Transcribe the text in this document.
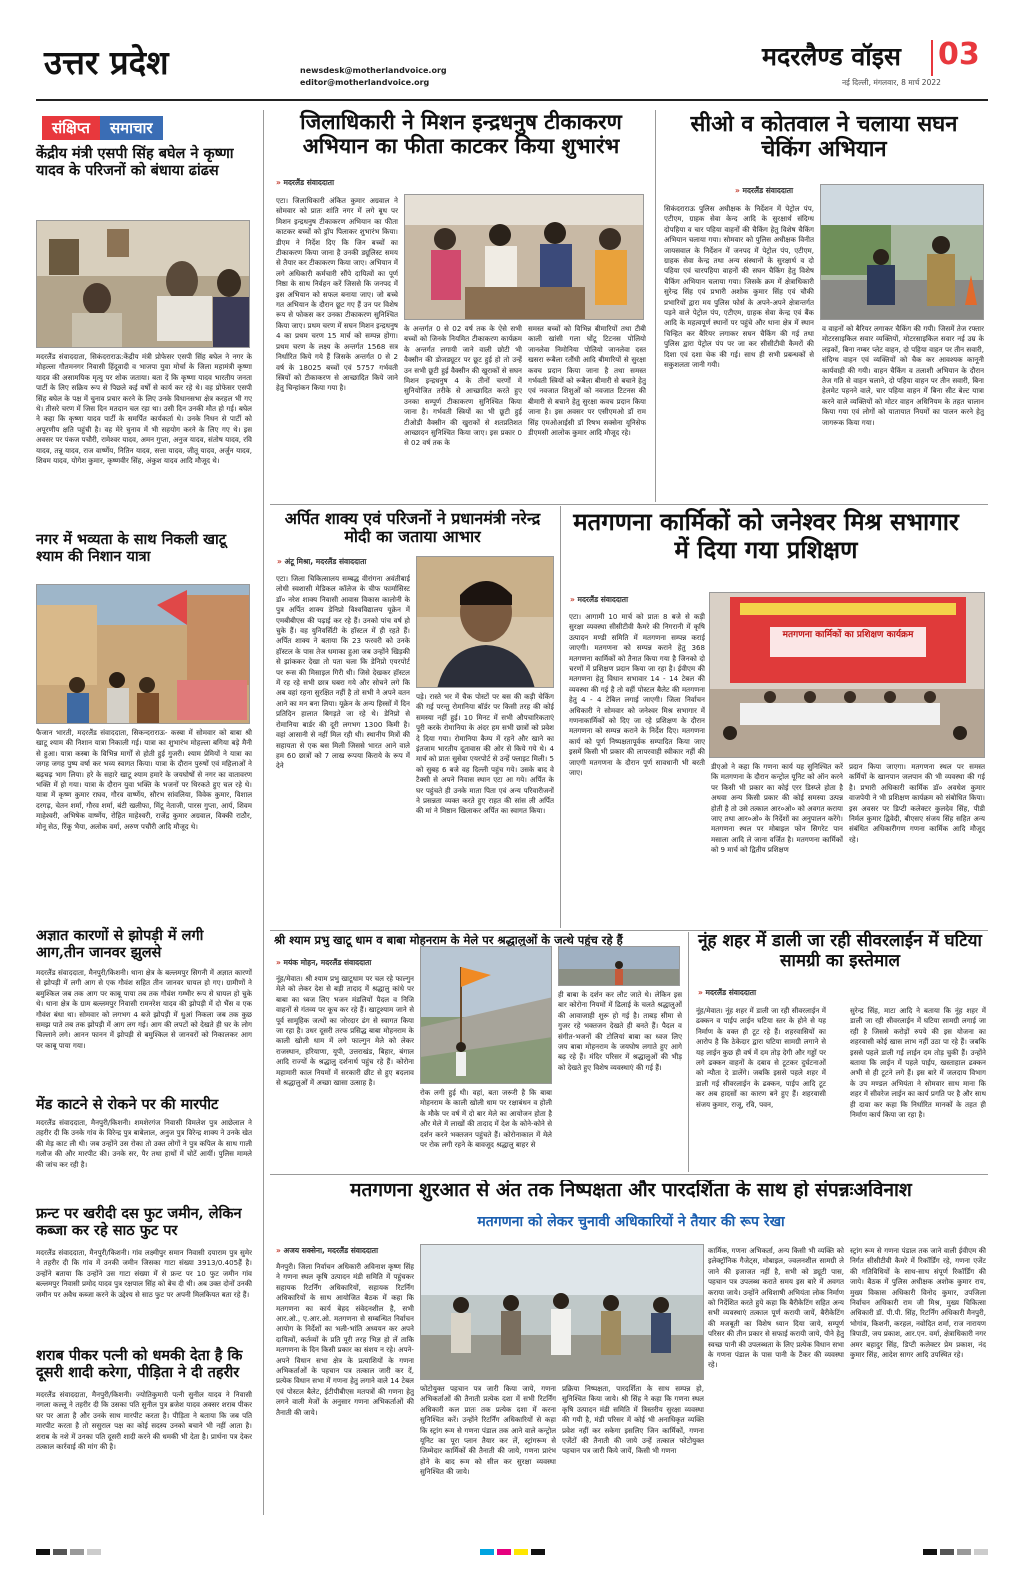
उत्तर प्रदेश	newsdesk@motherlandvoice.org
editor@motherlandvoice.org
मदरलैण्ड वॉइस 03
नई दिल्ली, मंगलवार, 8 मार्च 2022
संक्षिप्त	समाचार
केंद्रीय मंत्री एसपी सिंह बघेल ने कृष्णा यादव के परिजनों को बंधाया ढांढस
मदरलैंड संवाददाता, सिकंदराराऊ:केंद्रीय मंत्री प्रोफेसर एसपी सिंह बघेल ने नगर के मोहल्ला गौतमनगर निवासी हिंदूवादी व भाजपा युवा मोर्चा के जिला महामंत्री कृष्णा यादव की असामयिक मृत्यु पर शोक जताया। बता दें कि कृष्णा यादव भारतीय जनता पार्टी के लिए सक्रिय रूप से पिछले कई वर्षों से कार्य कर रहे थे। वह प्रोफेसर एसपी सिंह बघेल के पक्ष में चुनाव प्रचार करने के लिए उनके विधानसभा क्षेत्र करहल भी गए थे। तीसरे चरण में जिस दिन मतदान चल रहा था। उसी दिन उनकी मौत हो गई। बघेल ने कहा कि कृष्णा यादव पार्टी के समर्पित कार्यकर्ता थे। उनके निधन से पार्टी को अपूरणीय क्षति पहुंची है। वह मेरे चुनाव में भी सहयोग करने के लिए गए थे। इस अवसर पर पंकज पचौरी, रामेश्वर यादव, अमन गुप्ता, अनुज यादव, संतोष यादव, रवि यादव, तन्नू यादव, राज वार्ष्णेय, नितिन यादव, सत्ता यादव, जीतू यादव, अर्जुन यादव, शिवम यादव, योगेश कुमार, कृष्णवीर सिंह, अंकुश यादव आदि मौजूद थे।
नगर में भव्यता के साथ निकली खाटू श्याम की निशान यात्रा
फैजान भारती, मदरलैंड संवाददाता, सिकन्दराराऊ- कस्बा में सोमवार को बाबा श्री खाटू श्याम की निशान यात्रा निकाली गई। यात्रा का शुभारंभ मोहल्ला बगिया बड़े मैनी से हुआ। यात्रा कस्बा के विभिन्न मार्गों से होती हुई गुजरी। श्याम प्रेमियों ने यात्रा का जगह जगह पुष्प वर्षा कर भव्य स्वागत किया। यात्रा के दौरान पुरुषों एवं महिलाओं ने बढ़चढ़ भाग लिया। हरे के सहारे खाटू श्याम हमारे के जयघोषों से नगर का वातावरण भक्ति में हो गया। यात्रा के दौरान युवा भक्ति के भजनों पर थिरकते हुए चल रहे थे। यात्रा में कृष्ण कुमार राघव, गौरव वार्ष्णेय, सौरभ सांवलिया, विवेक कुमार, विशाल दरगढ़, चेतन शर्मा, गौरव शर्मा, बंटी खलीफा, मिंटू नेताजी, पारस गुप्ता, आर्य, शिवम माहेश्वरी, अभिषेक वार्ष्णेय, रोहित माहेश्वरी, राजेंद्र कुमार अग्रवाल, विक्की राठौर, मोनू सेठ, रिंकू भैया, अलोक वर्मा, अरुण पचौरी आदि मौजूद थे।
अज्ञात कारणों से झोपड़ी में लगी आग,तीन जानवर झुलसे
मदरलैंड संवाददाता, मैनपुरी/किशनी। थाना क्षेत्र के बल्लमपुर सिगनी में अज्ञात कारणों से झोपड़ी में लगी आग से एक गौवंश सहित तीन जानवर घायल हो गए। ग्रामीणों ने बमुश्किल जब तक आग पर काबू पाया तब तक गौवंश गम्भीर रूप से घायल हो चुके थे। थाना क्षेत्र के ग्राम बल्लमपुर निवासी रामनरेश यादव की झोपड़ी में दो भैंस व एक गौवंश बंधा था। सोमवार को लगभग 4 बजे झोपड़ी में धुआं निकला जब तक कुछ समझ पाते तब तक झोपड़ी में आग लग गई। आग की लपटों को देखते ही घर के लोग चिल्लाने लगे। आनन फानन में झोपड़ी से बमुश्किल से जानवरों को निकालकर आग पर काबू पाया गया।
मेंड काटने से रोकने पर की मारपीट
मदरलैंड संवाददाता, मैनपुरी/किशनी। शमशेरगंज निवासी विमलेश पुत्र आछेलाल ने तहरीर दी कि उनके गांव के विरेन्द्र पुत्र बाबेलाल, अनुज पुत्र विरेन्द्र शाक्य ने उनके खेत की मेड़ काट ली थी। जब उन्होंने उस रोका तो उक्त लोगों ने पुत्र कपिल के साथ गाली गलौज की और मारपीट की। उनके सर, पैर तथा हाथों में चोटें आयीं। पुलिस मामले की जांच कर रही है।
फ्रन्ट पर खरीदी दस फुट जमीन, लेकिन कब्जा कर रहे साठ फुट पर
मदरलैंड संवाददाता, मैनपुरी/किशनी। गांव लक्ष्मीपुर समान निवासी दयाराम पुत्र सुमेर ने तहरीर दी कि गांव में उनकी जमीन जिसका गाटा संख्या 3913/0.405हैं है। उन्होंने बताया कि उन्होंने उस गाटा संख्या में से फ्रन्ट पर 10 फुट जमीन गांव बल्लमपुर निवासी प्रमोद यादव पुत्र रक्षपाल सिंह को बेच दी थी। अब उक्त दोनों उनकी जमीन पर अवैध कब्जा करने के उद्देश्य से साठ फुट पर अपनी मिलकियत बता रहे हैं।
शराब पीकर पत्नी को धमकी देता है कि दूसरी शादी करेगा, पीड़िता ने दी तहरीर
मदरलैंड संवाददाता, मैनपुरी/किशनी। ज्योतिकुमारी पत्नी सुनील यादव ने निवासी नगला कल्लू ने तहरीर दी कि उसका पति सुनील पुत्र ब्रजेश यादव अक्सर शराब पीकर घर पर आता है और उनके साथ मारपीट करता है। पीड़िता ने बताया कि जब पति मारपीट करता है तो ससुराल पक्ष का कोई सदस्य उनको बचाने भी नहीं आता है। शराब के नशे में उनका पति दूसरी शादी करने की धमकी भी देता है। प्रार्थना पत्र देकर तत्काल कार्रवाई की मांग की है।
जिलाधिकारी ने मिशन इन्द्रधनुष टीकाकरण अभियान का फीता काटकर किया शुभारंभ
» मदरलैंड संवाददाता
एटा। जिलाधिकारी अंकित कुमार अग्रवाल ने सोमवार को प्रातः शांति नगर में लगे बूथ पर मिशन इन्द्रधनुष टीकाकरण अभियान का फीता काटकर बच्चों को ड्रॉप पिलाकर शुभारंभ किया। डीएम ने निर्देश दिए कि जिन बच्चों का टीकाकरण किया जाना है उनकी ड्यूलिस्ट समय से तैयार कर टीकाकरण किया जाए। अभियान में लगे अधिकारी कर्मचारी सौंपे दायित्वों का पूर्ण निष्ठा के साथ निर्वहन करें जिससे कि जनपद में इस अभियान को सफल बनाया जाए। जो बच्चे गत अभियान के दौरान छूट गए हैं उन पर विशेष रूप से फोकस कर उनका टीकाकरण सुनिश्चित किया जाए। प्रथम चरण में सघन मिशन इन्द्रधनुष 4 का प्रथम चरण 15 मार्च को सम्पन्न होगा। प्रथम चरण के लक्ष्य के अन्तर्गत 1568 सत्र निर्धारित किये गये हैं जिसके अन्तर्गत 0 से 2 वर्ष के 18025 बच्चों एवं 5757 गर्भवती स्त्रियों को टीकाकरण से आच्छादित किये जाने हेतु चिन्हांकन किया गया है।
के अन्तर्गत 0 से 02 वर्ष तक के ऐसे सभी बच्चों को जिनके नियमित टीकाकरण कार्यक्रम के अन्तर्गत लगायी जाने वाली छोटी भी वैक्सीन की डोजड्यूटर पर छूट हुई हो तो उन्हें उन सभी छूटी हुई वैक्सीन की खुराकों से सघन मिशन इन्द्रधनुष 4 के तीनों चरणों में सुनियोजित तरीके से आच्छादित करते हुए उनका सम्पूर्ण टीकाकरण सुनिश्चित किया जाना है। गर्भवती स्त्रियों का भी छूटी हुई टीओडी वैक्सीन की खुराकों से शतप्रतिशत आच्छादन सुनिश्चित किया जाए। इस प्रकार 0 से 02 वर्ष तक के
समस्त बच्चों को विभिन्न बीमारियों तथा टीबी काली खांसी गला घोंटू टिटनस पोलियो जानलेवा निमोनिया पोलियो जानलेवा दस्त खसरा रूबैला रतौंधी आदि बीमारियों से सुरक्षा कवच प्रदान किया जाना है तथा समस्त गर्भवती स्त्रियों को रूबैला बीमारी से बचाने हेतु एवं नवजात शिशुओं को नवजात टिटनस की बीमारी से बचाने हेतु सुरक्षा कवच प्रदान किया जाना है। इस अवसर पर एसीएमओ डॉ राम सिंह एमओआईसी डॉ रिषभ सक्सेना यूनिसेफ डीएमसी आलोक कुमार आदि मौजूद रहे।
सीओ व कोतवाल ने चलाया सघन चेकिंग अभियान
» मदरलैंड संवाददाता
सिकंदराराऊ पुलिस अधीक्षक के निर्देशन में पेट्रोल पंप, एटीएम, ग्राहक सेवा केन्द आदि के सुरक्षार्थ संदिग्ध दोपहिया व चार पहिया वाहनों की चैकिंग हेतु विशेष चैकिंग अभियान चलाया गया। सोमवार को पुलिस अधीक्षक विनीत जायसवाल के निर्देशन में जनपद में पेट्रोल पंप, एटीएम, ग्राहक सेवा केन्द्र तथा अन्य संस्थानों के सुरक्षार्थ व दो पहिया एवं चारपहिया वाहनों की सघन चैकिंग हेतु विशेष चैकिंग अभियान चलाया गया। जिसके क्रम में क्षेत्राधिकारी सुरेन्द्र सिंह एवं प्रभारी अशोक कुमार सिंह एवं चौकी प्रभारियों द्वारा मय पुलिस फोर्स के अपने-अपने क्षेत्रान्तर्गत पड़ने वाले पेट्रोल पंप, एटीएम, ग्राहक सेवा केन्द्र एवं बैंक आदि के महत्वपूर्ण स्थानों पर पहुंचे और थाना क्षेत्र में स्थान चिन्हित कर बैरियर लगाकर सघन चैकिंग की गई तथा पुलिस द्वारा पेट्रोल पंप पर जा कर सीसीटीवी कैमरों की दिशा एवं दशा चेक की गई। साथ ही सभी प्रबन्धकों से सकुशलता जानी गयी।
व वाहनों को बैरियर लगाकर चैकिंग की गयी। जिसमें तेज रफ्तार मोटरसाइकिल सवार व्यक्तियों, मोटरसाइकिल सवार नई उम्र के लड़कों, बिना नम्बर प्लेट वाहन, दो पहिया वाहन पर तीन सवारी, संदिग्ध वाहन एवं व्यक्तियों को चैक कर आवश्यक कानूनी कार्यवाही की गयी। वाहन चैकिंग व तलाशी अभियान के दौरान तेज गति से वाहन चलाने, दो पहिया वाहन पर तीन सवारी, बिना हेलमेट पहनने वाले, चार पहिया वाहन में बिना सीट बेल्ट यात्रा करने वाले व्यक्तियों को मोटर वाहन अधिनियम के तहत चालान किया गया एवं लोगों को यातायात नियमों का पालन करने हेतु जागरूक किया गया।
अर्पित शाक्य एवं परिजनों ने प्रधानमंत्री नरेन्द्र मोदी का जताया आभार
» अंटू मिश्रा, मदरलैंड संवाददाता
एटा। जिला चिकित्सालय सम्बद्ध वीरांगना अवंतीबाई लोधी स्वशासी मेडिकल कॉलेज के चीफ फार्मासिस्ट डॉ० नरेश शाक्य निवासी आवास विकास कालोनी के पुत्र अर्पित शाक्य डेनिप्रो विश्वविद्यालय यूक्रेन में एमबीबीएस की पढ़ाई कर रहे हैं। उनको पांच वर्ष हो चुके हैं। वह युनिवर्सिटी के हॉस्टल में ही रहते हैं। अर्पित शाक्य ने बताया कि 23 फरवरी को उनके हॉस्टल के पास तेज धमाका हुआ जब उन्होंने खिड़की से झांककर देखा तो पता चला कि डेनिप्रो एयरपोर्ट पर रूस की मिसाइल गिरी थी। जिसे देखकर हॉस्टल में रह रहे सभी छात्र घबरा गये और सोचने लगे कि अब वहां रहना सुरक्षित नहीं है तो सभी ने अपने वतन आने का मन बना लिया। यूक्रेन के अन्य हिस्सों में दिन प्रतिदिन हालात बिगड़ते जा रहे थे। डेनिप्रो से रोमानिया बार्डर की दूरी लगभग 1300 किमी है। वहां आसानी से नहीं मिल रही थी। स्थानीय मित्रों की सहायता से एक बस मिली जिससे भारत आने वाले हम 60 छात्रों को 7 लाख रूपया किराये के रूप में देने
पड़े। रास्ते भर में चैक पोस्टों पर बस की कड़ी चेकिंग की गई परन्तु रोमानिया बॉर्डर पर किसी तरह की कोई समस्या नहीं हुई। 10 मिनट में सभी औपचारिकताएं पूरी करके रोमानिया के अंदर हम सभी छात्रों को प्रवेश दे दिया गया। रोमानिया कैम्प में रहने और खाने का इंतजाम भारतीय दूतावास की ओर से किये गये थे। 4 मार्च को प्रातः सुसेवा एयरपोर्ट से उन्हें फ्लाइट मिली। 5 को सुबह 6 बजे वह दिल्ली पहुंच गये। उसके बाद वे टैक्सी से अपने निवास स्थान एटा आ गये। अर्पित के घर पहुंचते ही उनके माता पिता एवं अन्य परिवारीजनों ने प्रसन्नता व्यक्त करते हुए राहत की सांस ली अर्पित की मां ने मिष्ठान खिलाकर अर्पित का स्वागत किया।
मतगणना कार्मिकों को जनेश्वर मिश्र सभागार में दिया गया प्रशिक्षण
» मदरलैंड संवाददाता
एटा। आगामी 10 मार्च को प्रातः 8 बजे से कड़ी सुरक्षा व्यवस्था सीसीटीवी कैमरे की निगरानी में कृषि उत्पादन मण्डी समिति में मतगणना सम्पन्न कराई जाएगी। मतगणना को सम्पन्न कराने हेतु 368 मतगणना कार्मिकों को तैनात किया गया है जिनको दो चरणों में प्रशिक्षण प्रदान किया जा रहा है। ईवीएम की मतगणना हेतु विधान सभावार 14 - 14 टेबल की व्यवस्था की गई है तो वहीं पोस्टल बैलेट की मतगणना हेतु 4 - 4 टेबिल लगाई जाएगी। जिला निर्वाचन अधिकारी ने सोमवार को जनेश्वर मिश्र सभागार में गणनाकार्मिकों को दिए जा रहे प्रशिक्षण के दौरान मतगणना को सम्पन्न कराने के निर्देश दिए। मतगणना कार्य को पूर्ण निष्पक्षतापूर्वक सम्पादित किया जाए इसमें किसी भी प्रकार की लापरवाही स्वीकार नहीं की जाएगी मतगणना के दौरान पूर्ण सावधानी भी बरती जाए।
मतगणना कार्मिकों का प्रशिक्षण कार्यक्रम
डीएओ ने कहा कि गणना कार्य यह सुनिश्चित करें कि मतगणना के दौरान कन्ट्रोल यूनिट को ऑन करने पर किसी भी प्रकार का कोई एरर डिस्प्ले होता है अथवा अन्य किसी प्रकार की कोई समस्या उत्पन्न होती है तो उसे तत्काल आर०ओ० को अवगत कराया जाए तथा आर०ओ० के निर्देशों का अनुपालन करेंगे। मतगणना स्थल पर मोबाइल फोन सिगरेट पान मसाला आदि ले जाना वर्जित है। मतगणना कार्मिकों को 9 मार्च को द्वितीय प्रशिक्षण
प्रदान किया जाएगा। मतगणना स्थल पर समस्त कर्मियों के खानपान जलपान की भी व्यवस्था की गई है। प्रभारी अधिकारी कार्मिक डॉ० अवधेश कुमार वाजपेयी ने भी प्रशिक्षण कार्यक्रम को संबोधित किया। इस अवसर पर डिप्टी कलेक्टर कुलदेव सिंह, पीडी निर्मल कुमार द्विवेदी, बीएसए संजय सिंह सहित अन्य संबंधित अधिकारीगण गणना कार्मिक आदि मौजूद रहे।
श्री श्याम प्रभु खाटू धाम व बाबा मोहनराम के मेले पर श्रद्धालुओं के जत्थे पहुंच रहे हैं
» मयंक मोहन, मदरलैंड संवाददाता
नूंह/मेवात। श्री श्याम प्रभु खाटूधाम पर चल रहे फाल्गुन मेले को लेकर देश से बड़ी तादाद में श्रद्धालु कांधे पर बाबा का ध्वज लिए भजन मंडलियों पैदल व निजि वाहनों से गंतव्य पर कूच कर रहे हैं। खाटूश्याम जाने से पूर्व सामूहिक जत्थों का जोरदार ढंग से स्वागत किया जा रहा है। उधर दूसरी तरफ प्रसिद्ध बाबा मोहनराम के काली खोली धाम में लगे फाल्गुन मेले को लेकर राजस्थान, हरियाणा, यूपी, उत्तराखंड, बिहार, बंगाल आदि राज्यों के श्रद्धालु दर्शनार्थ पहुंच रहे हैं। कोरोना महामारी काल नियमों में सरकारी छीट से हुए बदलाव से श्रद्धालुओं में अच्छा खासा उत्साह है।
रोक लगी हुई थी। वहां, बता जरूरी है कि बाबा मोहनराम के काली खोली धाम पर रक्षाबंधन व होली के मौके पर वर्ष में दो बार मेले का आयोजन होता है और मेले में लाखों की तादाद में देश के कोने-कोने से दर्शन करने भक्तजन पहुंचते हैं। कोरोनाकाल में मेले पर रोक लगी रहने के बावजूद श्रद्धालु बाहर से
ही बाबा के दर्शन कर लौट जाते थे। लेकिन इस बार कोरोना नियमों में ढिलाई के चलते श्रद्धालुओं की आवाजाही शुरू हो गई है। ताबड़ सीमा से गुजर रहे भक्तजन देखते ही बनते हैं। पैदल व संगीत-भजनों की टोलियां बाबा का ध्वज लिए जय बाबा मोहनराम के जयघोष लगाते हुए आगे बढ़ रहे हैं। मंदिर परिसर में श्रद्धालुओं की भीड़ को देखते हुए विशेष व्यवस्थाएं की गई हैं।
नूंह शहर में डाली जा रही सीवरलाईन में घटिया सामग्री का इस्तेमाल
» मदरलैंड संवाददाता
नूंह/मेवात। नूंह शहर में डाली जा रही सीवरलाईन में ढक्कन व पाईप लाईन घटिया स्तर के होने से यह निर्माण के वक्त ही टूट रहे हैं। शहरवासियों का आरोप है कि ठेकेदार द्वारा घटिया सामग्री लगाने से यह लाईन कुछ ही वर्ष में दम तोड़ देगी और गड्डों पर लगे ढक्कन वाहनों के दबाव से टूटकर दुर्घटनाओं को न्यौता दे डालेंगे। जबकि इससे पहले शहर में डाली गई सीवरलाईन के ढक्कन, पाईप आदि टूट कर अब हादसों का कारण बने हुए हैं। शहरवासी संजय कुमार, राजू, रवि, पवन,
सुरेन्द्र सिंह, माटा आदि ने बताया कि नूंह शहर में डाली जा रही सीवरलाईन में घटिया सामग्री लगाई जा रही है जिससे करोड़ों रुपये की इस योजना का शहरवासी कोई खास लाभ नहीं उठा पा रहे हैं। जबकि इससे पहले डाली गई लाईन दम तोड़ चुकी हैं। उन्होंने बताया कि लाईन में पहले पाईप, खस्ताहाल ढक्कन अभी से ही टूटने लगे हैं। इस बारे में जलदाय विभाग के उप मण्डल अभियंता ने सोमवार साथ माना कि शहर में सीवरेज लाईन का कार्य प्रगति पर है और साथ ही दावा कर कहा कि निर्धारित मानकों के तहत ही निर्माण कार्य किया जा रहा है।
मतगणना शुरआत से अंत तक निष्पक्षता और पारदर्शिता के साथ हो संपन्नःअविनाश
मतगणना को लेकर चुनावी अधिकारियों ने तैयार की रूप रेखा
» अजय सक्सेना, मदरलैंड संवाददाता
मैनपुरी। जिला निर्वाचन अधिकारी अविनाश कृष्ण सिंह ने गणना स्थल कृषि उत्पादन मंडी समिति में पहुंचकर सहायक रिटर्निंग अधिकारियों, सहायक रिटर्निंग अधिकारियों के साथ आयोजित बैठक में कहा कि मतगणना का कार्य बेहद संवेदनशील है, सभी आर.ओ., ए.आर.ओ. मतगणना से सम्बन्धित निर्वाचन आयोग के निर्देशों का भली-भांति अध्ययन कर अपने दायित्वों, कर्तव्यों के प्रति पूरी तरह भिज्ञ हो लें ताकि मतगणना के दिन किसी प्रकार का संशय न रहे। अपने-अपने विधान सभा क्षेत्र के प्रत्याशियों के गणना अभिकर्ताओं के पहचान पत्र तत्काल जारी कर दें, प्रत्येक विधान सभा में गणना हेतु लगाने वाले 14 टेबल एवं पोस्टल बैलेट, ईटीपीबीएस मतपत्रों की गणना हेतु लगने वाली मेजों के अनुसार गणना अभिकर्ताओं की तैनाती की जाये।
फोटोयुक्त पहचान पत्र जारी किया जाये, गणना अभिकर्ताओं की तैनाती प्रत्येक दशा में सभी रिटर्निंग अधिकारी कल प्रातः तक प्रत्येक दशा में करना सुनिश्चित करें। उन्होंने रिटर्निंग अधिकारियों से कहा कि स्ट्रांग रूम से गणना पंडाल तक आने वाले कन्ट्रोल यूनिट का पूरा प्लान तैयार कर लें, स्ट्रांगरूम से जिम्मेदार कार्मिकों की तैनाती की जाये, गणना प्रारंभ होने के बाद रूम को सील कर सुरक्षा व्यवस्था सुनिश्चित की जाये।
प्रक्रिया निष्पक्षता, पारदर्शिता के साथ सम्पन्न हो, सुनिश्चित किया जाये। श्री सिंह ने कहा कि गणना स्थल कृषि उत्पादन मंडी समिति में त्रिस्तरीय सुरक्षा व्यवस्था की गयी है, मंडी परिसर में कोई भी अनाधिकृत व्यक्ति प्रवेश नहीं कर सकेगा इसलिए जिन कार्मिकों, गणना एजेंटों की तैनाती की जाये उन्हें तत्काल फोटोयुक्त पहचान पत्र जारी किये जायें, किसी भी गणना
कार्मिक, गणना अभिकर्ता, अन्य किसी भी व्यक्ति को इलेक्ट्रॉनिक गैजेट्स, मोबाइल, ज्वलनशील सामग्री ले जाने की इजाजत नहीं है, सभी को ड्यूटी पास, पहचान पत्र उपलब्ध कराते समय इस बारे में अवगत कराया जाये। उन्होंने अधिशाषी अभियंता लोक निर्माण को निर्देशित करते हुये कहा कि बैरीकेटिंग सहित अन्य सभी व्यवस्थाएं तत्काल पूर्ण करायी जायें, बैरीकेटिंग की मजबूती का विशेष ध्यान दिया जाये, सम्पूर्ण परिसर की तीन प्रकार से सफाई करायी जाये, पीने हेतु स्वच्छ पानी की उपलब्धता के लिए प्रत्येक विधान सभा के गणना पंडाल के पास पानी के टैंकर की व्यवस्था रहे।
स्ट्रांग रूम से गणना पंडाल तक जाने वाली ईवीएम की निर्गत सीसीटीवी कैमरे में रिकॉर्डिंग रहे, गणना एजेंट की गतिविधियों के साथ-साथ संपूर्ण रिकॉर्डिंग की जाये। बैठक में पुलिस अधीक्षक अशोक कुमार राय, मुख्य विकास अधिकारी विनोद कुमार, उपजिला निर्वाचन अधिकारी राम जी मिश्र, मुख्य चिकित्सा अधिकारी डॉ. पी.पी. सिंह, रिटर्निंग अधिकारी मैनपुरी, भोगांव, किशनी, करहल, नवोदित शर्मा, राज नारायण त्रिपाठी, जय प्रकाश, आर.एन. वर्मा, क्षेत्राधिकारी नगर अमर बहादुर सिंह, डिप्टी कलेक्टर प्रेम प्रकाश, नंद कुमार सिंह, आदेश सागर आदि उपस्थित रहे।
